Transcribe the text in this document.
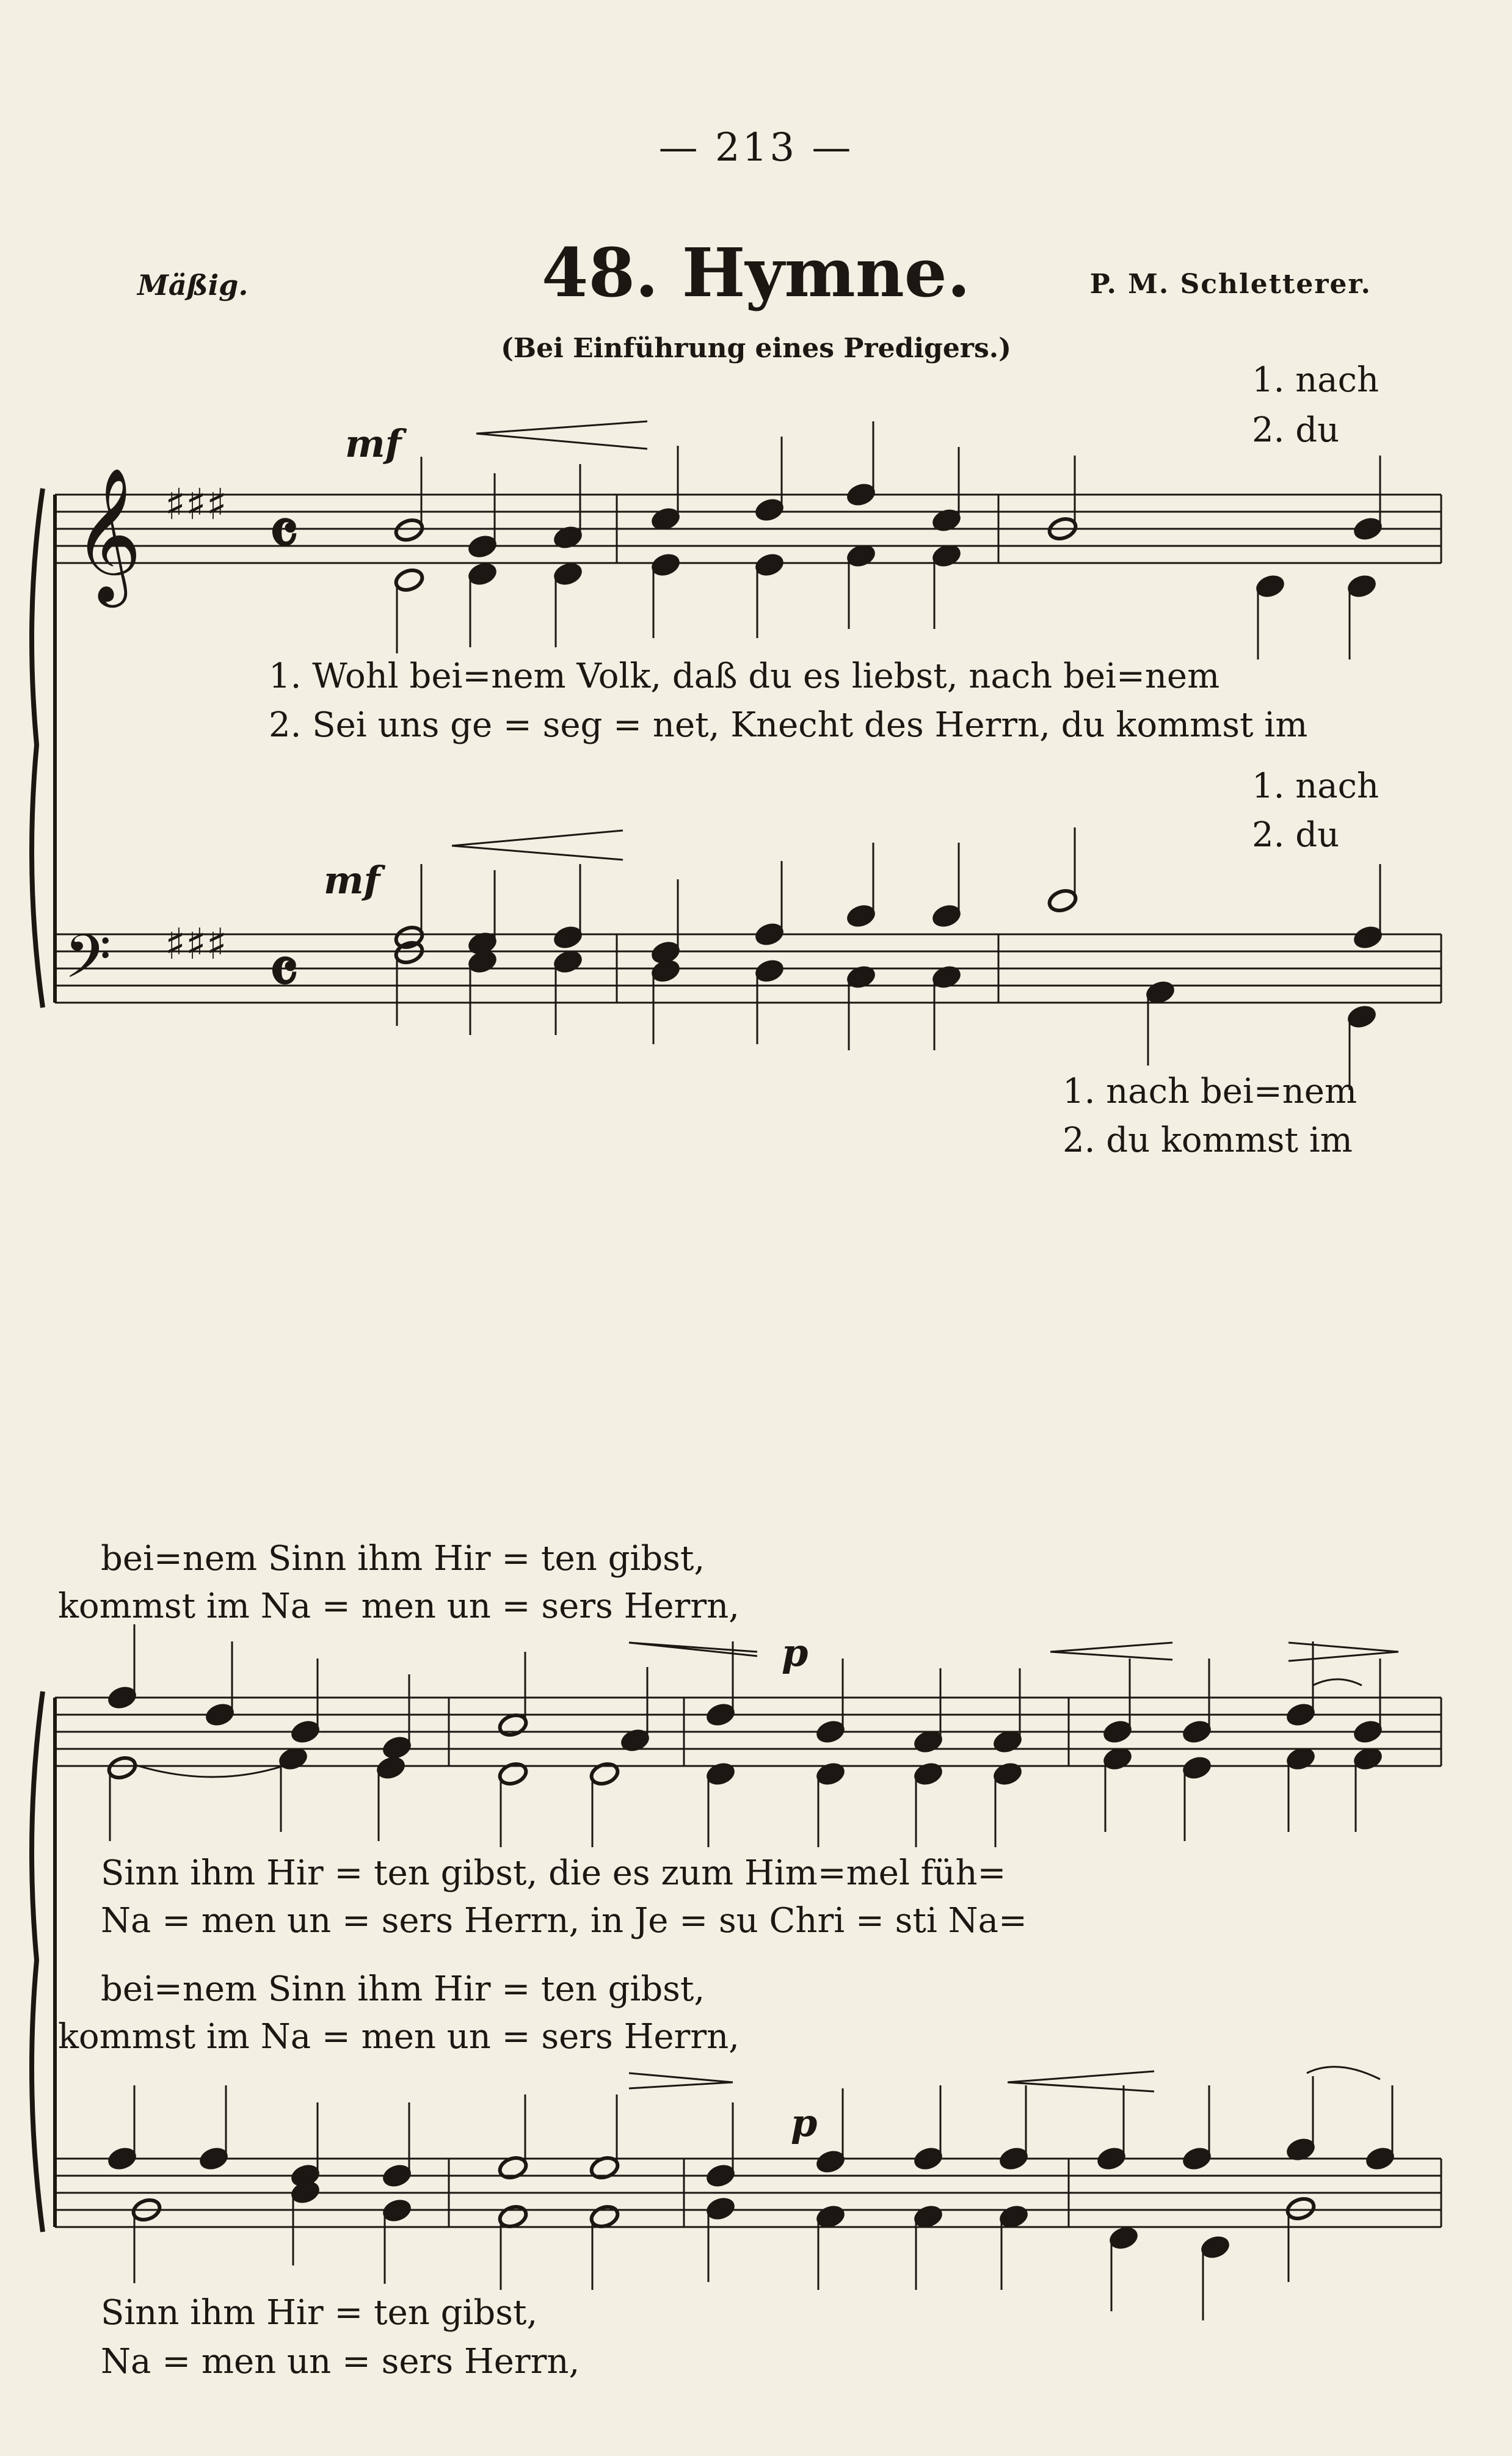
— 213 —
Mäßig.	48. Hymne.	P. M. Schletterer.
(Bei Einführung eines Predigers.)
𝄞 ♯♯♯ 𝄴
𝄢 ♯♯♯ 𝄴
mf
mf
p
p
1. nach
2. du
1. Wohl bei=nem Volk, daß du es liebst, nach bei=nem
2. Sei uns ge = seg = net, Knecht des Herrn, du kommst im
1. nach
2. du
1. nach bei=nem
2. du kommst im
bei=nem Sinn ihm Hir = ten gibst,
kommst im Na = men un = sers Herrn,
Sinn ihm Hir = ten gibst, die es zum Him=mel füh=
Na = men un = sers Herrn, in Je = su Chri = sti Na=
bei=nem Sinn ihm Hir = ten gibst,
kommst im Na = men un = sers Herrn,
Sinn ihm Hir = ten gibst,
Na = men un = sers Herrn,
